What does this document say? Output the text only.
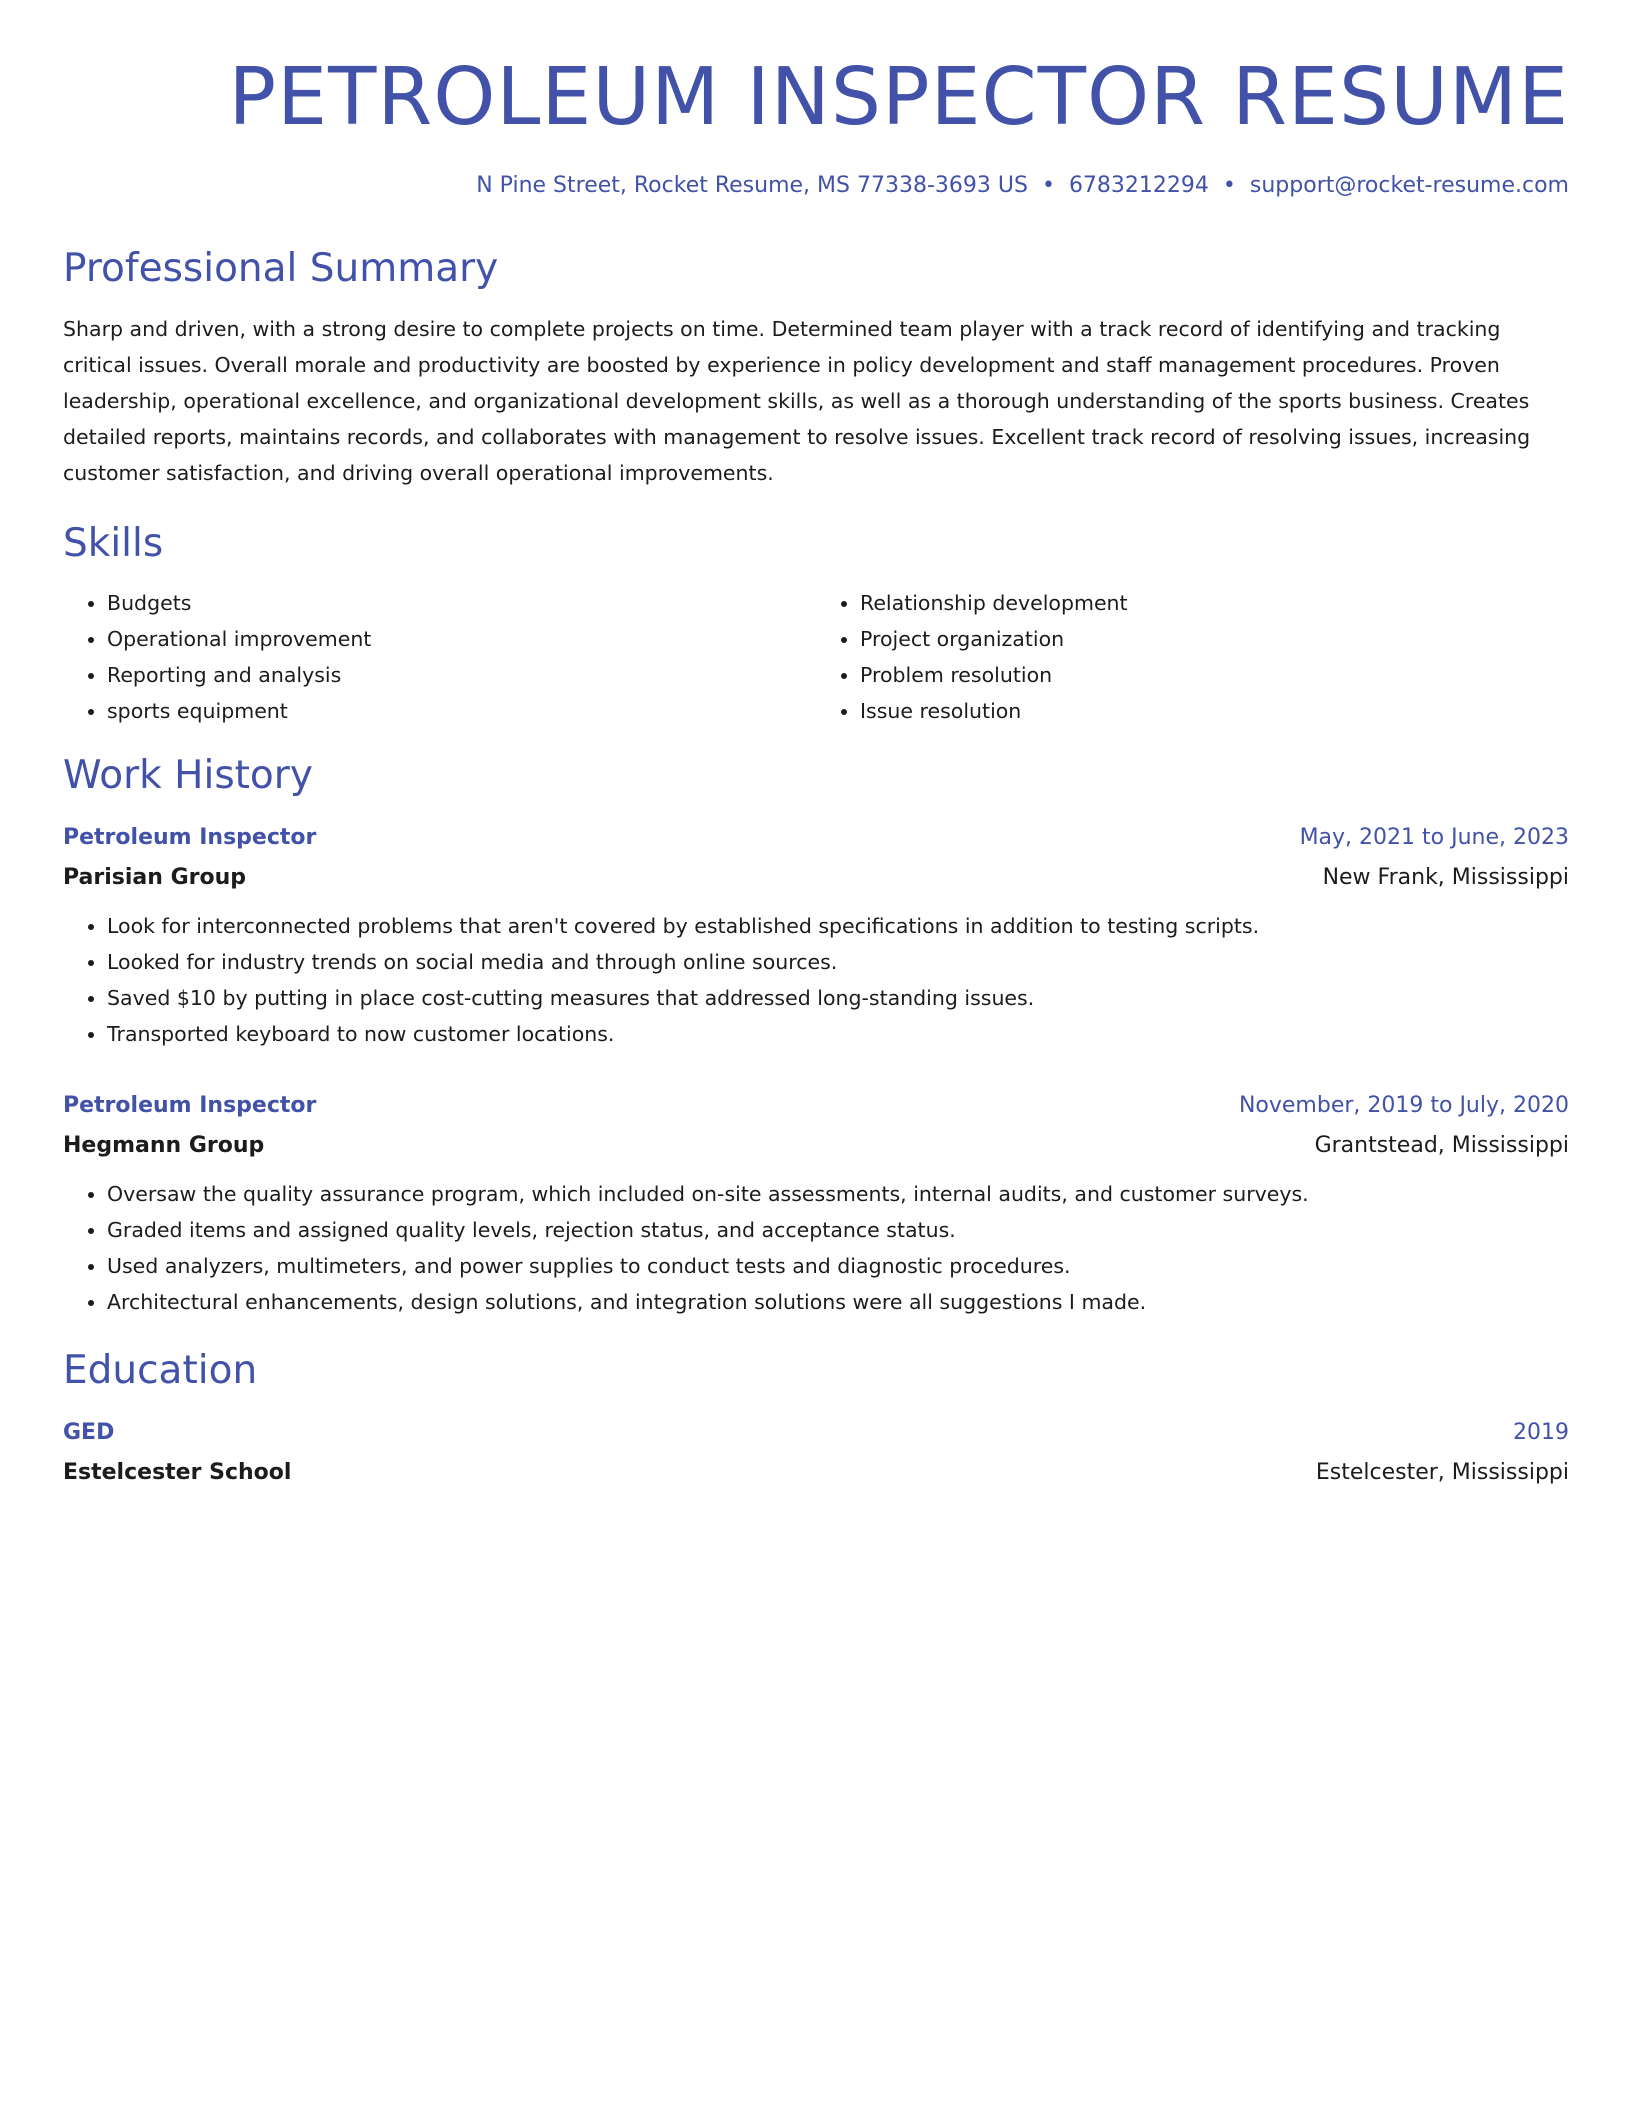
PETROLEUM INSPECTOR RESUME
N Pine Street, Rocket Resume, MS 77338-3693 US • 6783212294 • support@rocket-resume.com
Professional Summary

Sharp and driven, with a strong desire to complete projects on time. Determined team player with a track record of identifying and tracking critical issues. Overall morale and productivity are boosted by experience in policy development and staff management procedures. Proven leadership, operational excellence, and organizational development skills, as well as a thorough understanding of the sports business. Creates detailed reports, maintains records, and collaborates with management to resolve issues. Excellent track record of resolving issues, increasing customer satisfaction, and driving overall operational improvements.

Skills
• Budgets
• Operational improvement
• Reporting and analysis
• sports equipment
• Relationship development
• Project organization
• Problem resolution
• Issue resolution
Work History
Petroleum Inspector	May, 2021 to June, 2023
Parisian Group	New Frank, Mississippi
• Look for interconnected problems that aren't covered by established specifications in addition to testing scripts.
• Looked for industry trends on social media and through online sources.
• Saved $10 by putting in place cost-cutting measures that addressed long-standing issues.
• Transported keyboard to now customer locations.
Petroleum Inspector	November, 2019 to July, 2020
Hegmann Group	Grantstead, Mississippi
• Oversaw the quality assurance program, which included on-site assessments, internal audits, and customer surveys.
• Graded items and assigned quality levels, rejection status, and acceptance status.
• Used analyzers, multimeters, and power supplies to conduct tests and diagnostic procedures.
• Architectural enhancements, design solutions, and integration solutions were all suggestions I made.
Education
GED	2019
Estelcester School	Estelcester, Mississippi
